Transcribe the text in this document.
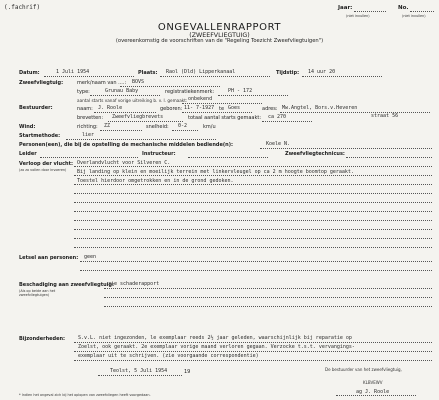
(.fachrif)	Jaar:	No.
(niet invullen)	(niet invullen)
ONGEVALLENRAPPORT
(ZWEEFVLIEGTUIG)
(overeenkomstig de voorschriften van de "Regeling Toezicht Zweefvliegtuigen")
Datum:	1 Juli 1954	Plaats: Raol (Dld) Lipperkanaal	Tijdstip: 14 uur 20
Zweefvliegtuig:	merk/naam van ....: BOVS
type:	Grunau Baby	registratiekenmerk:	PH - 172
aantal starts vanaf vorige uitreiking b. v. l. gemaakt: onbekend
Bestuurder:	naam: J. Roole	geboren: 11- 7-1927 te Goes	adres: Mw.Angtel, Bors.v.Heveren
straat 56
brevetten: Zweefvliegbrevets	totaal aantal starts gemaakt: ca 270
Wind:	richting: ZZ	snelheid: 0-2	km/u
Startmethode:	lier
Personen(een), die bij de opstelling de mechanische middelen bediende(n):	Koele N.
Leider	Instructeur:	Zweefvliegtechnicus:
Verloop der vlucht:
(zo zo vollen door invoeren)
Overlandvlucht voor Silveren C.
Bij landing op klein en moeilijk terrein met linkervleugel op ca 2 m hoogte boomtop geraakt.
Toestel hierdoor omgetrokken en in de grond gedoken.
Letsel aan personen: geen
Beschadiging aan zweefvliegtuig:
(Als op beide aan het
zweefvliegtuigen)
zie schaderapport
Bijzonderheden:	S.v.L. niet ingezonden, le exemplaar reeds 2½ jaar geleden, waarschijnlijk bij reparatie op
Zoelst, ook geraakt. 2e exemplaar vorige maand verloren gegaan. Verzocke t.s.t. vervangings-
exemplaar uit te schrijven. (zie voorgaande correspondentie)
Teolst, 5 Juli 1954	19	De bestuurder van het zweefvliegtuig,
KLBVEWV
ag J. Roole
* Indien het ongeval zich bij het oplopen van zweefvliegen heeft voorgedaan.
